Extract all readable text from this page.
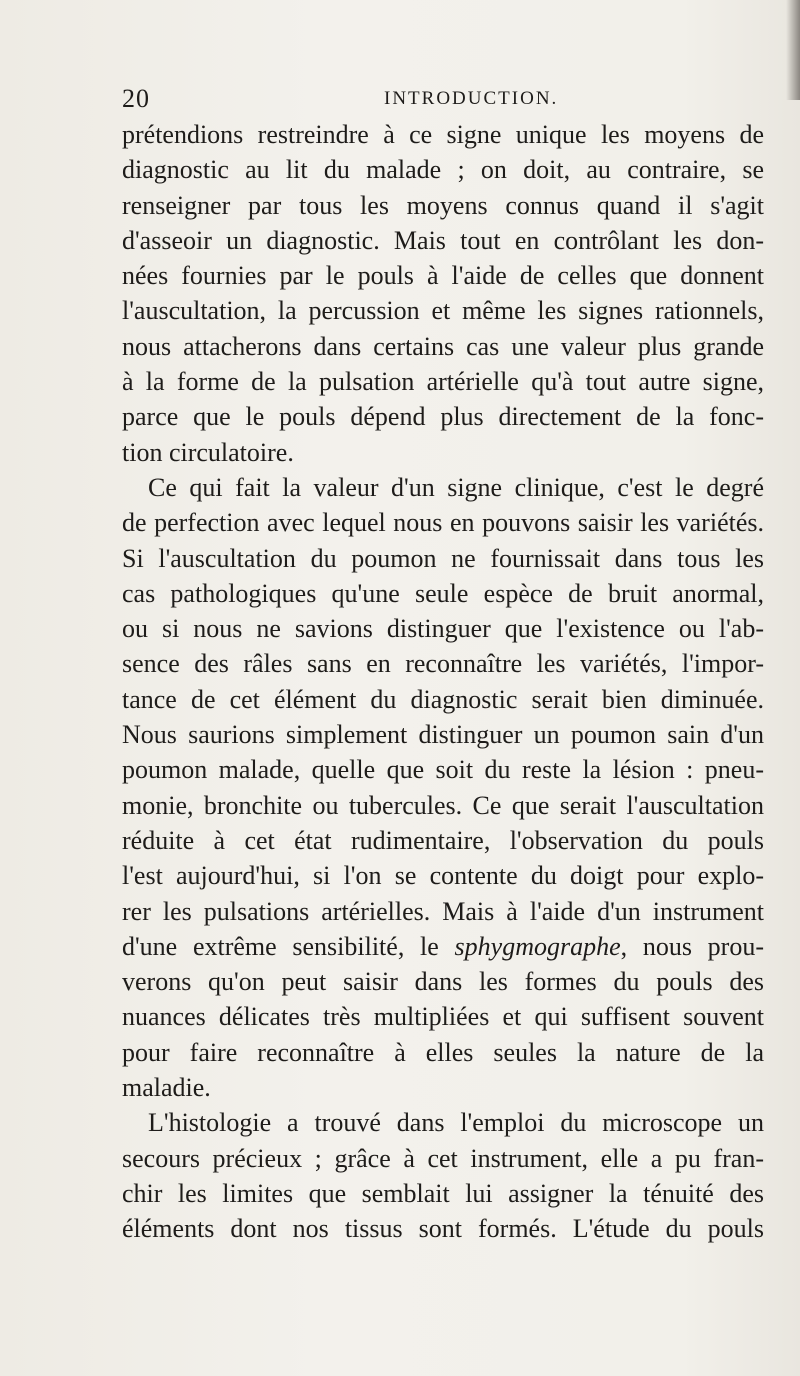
20	INTRODUCTION.
prétendions restreindre à ce signe unique les moyens de
diagnostic au lit du malade ; on doit, au contraire, se
renseigner par tous les moyens connus quand il s'agit
d'asseoir un diagnostic. Mais tout en contrôlant les don-
nées fournies par le pouls à l'aide de celles que donnent
l'auscultation, la percussion et même les signes rationnels,
nous attacherons dans certains cas une valeur plus grande
à la forme de la pulsation artérielle qu'à tout autre signe,
parce que le pouls dépend plus directement de la fonc-
tion circulatoire.
Ce qui fait la valeur d'un signe clinique, c'est le degré
de perfection avec lequel nous en pouvons saisir les variétés.
Si l'auscultation du poumon ne fournissait dans tous les
cas pathologiques qu'une seule espèce de bruit anormal,
ou si nous ne savions distinguer que l'existence ou l'ab-
sence des râles sans en reconnaître les variétés, l'impor-
tance de cet élément du diagnostic serait bien diminuée.
Nous saurions simplement distinguer un poumon sain d'un
poumon malade, quelle que soit du reste la lésion : pneu-
monie, bronchite ou tubercules. Ce que serait l'auscultation
réduite à cet état rudimentaire, l'observation du pouls
l'est aujourd'hui, si l'on se contente du doigt pour explo-
rer les pulsations artérielles. Mais à l'aide d'un instrument
d'une extrême sensibilité, le sphygmographe, nous prou-
verons qu'on peut saisir dans les formes du pouls des
nuances délicates très multipliées et qui suffisent souvent
pour faire reconnaître à elles seules la nature de la
maladie.
L'histologie a trouvé dans l'emploi du microscope un
secours précieux ; grâce à cet instrument, elle a pu fran-
chir les limites que semblait lui assigner la ténuité des
éléments dont nos tissus sont formés. L'étude du pouls
